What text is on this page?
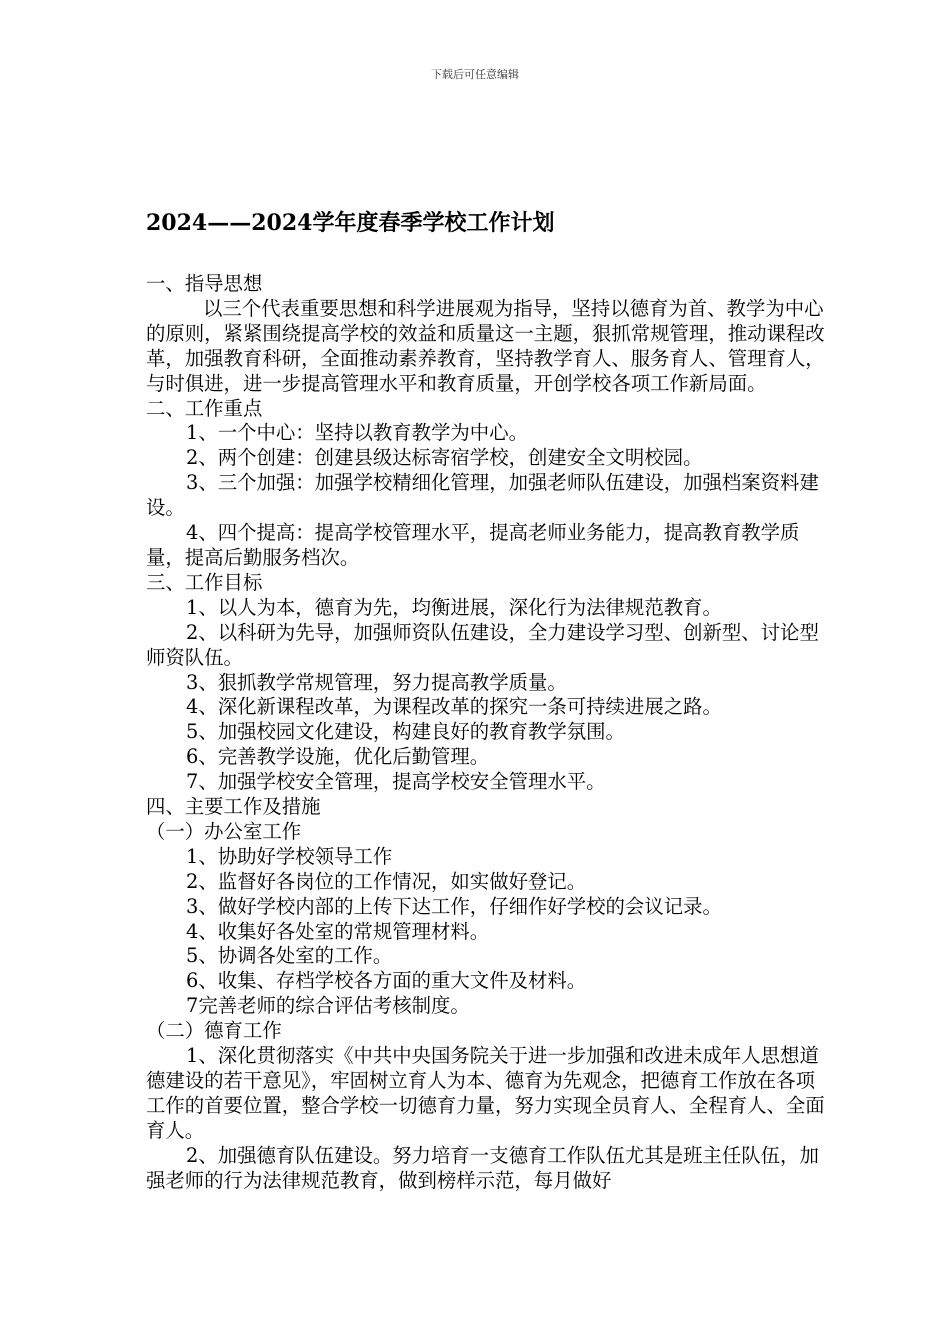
下载后可任意编辑
2024——2024学年度春季学校工作计划

一、指导思想

以三个代表重要思想和科学进展观为指导，坚持以德育为首、教学为中心的原则，紧紧围绕提高学校的效益和质量这一主题，狠抓常规管理，推动课程改革，加强教育科研，全面推动素养教育，坚持教学育人、服务育人、管理育人，与时俱进，进一步提高管理水平和教育质量，开创学校各项工作新局面。

二、工作重点

1、一个中心：坚持以教育教学为中心。

2、两个创建：创建县级达标寄宿学校，创建安全文明校园。

3、三个加强：加强学校精细化管理，加强老师队伍建设，加强档案资料建设。

4、四个提高：提高学校管理水平，提高老师业务能力，提高教育教学质量，提高后勤服务档次。

三、工作目标

1、以人为本，德育为先，均衡进展，深化行为法律规范教育。

2、以科研为先导，加强师资队伍建设，全力建设学习型、创新型、讨论型师资队伍。

3、狠抓教学常规管理，努力提高教学质量。

4、深化新课程改革，为课程改革的探究一条可持续进展之路。

5、加强校园文化建设，构建良好的教育教学氛围。

6、完善教学设施，优化后勤管理。

7、加强学校安全管理，提高学校安全管理水平。

四、主要工作及措施

（一）办公室工作

1、协助好学校领导工作

2、监督好各岗位的工作情况，如实做好登记。

3、做好学校内部的上传下达工作，仔细作好学校的会议记录。

4、收集好各处室的常规管理材料。

5、协调各处室的工作。

6、收集、存档学校各方面的重大文件及材料。

7完善老师的综合评估考核制度。

（二）德育工作

1、深化贯彻落实《中共中央国务院关于进一步加强和改进未成年人思想道德建设的若干意见》，牢固树立育人为本、德育为先观念，把德育工作放在各项工作的首要位置，整合学校一切德育力量，努力实现全员育人、全程育人、全面育人。

2、加强德育队伍建设。努力培育一支德育工作队伍尤其是班主任队伍，加强老师的行为法律规范教育，做到榜样示范，每月做好
